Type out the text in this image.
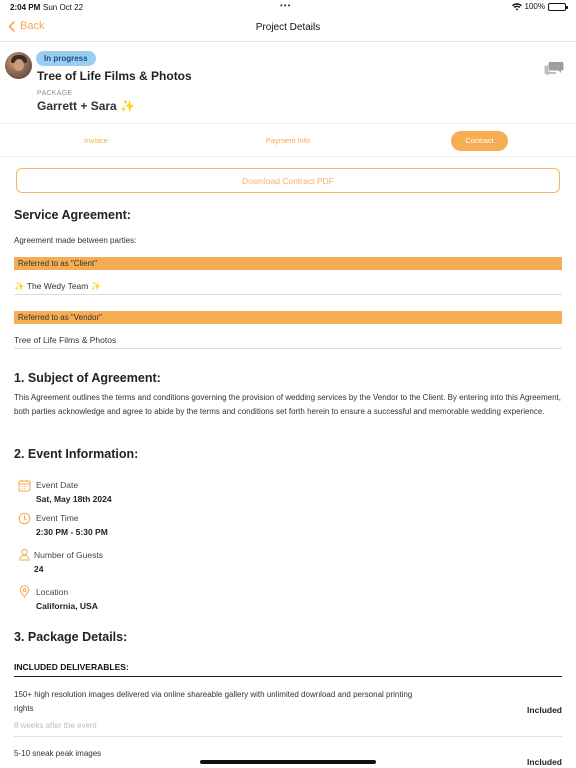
2:04 PM Sun Oct 22	•••	100%
Back	Project Details
In progress
Tree of Life Films & Photos
PACKAGE
Garrett + Sara ✨
Invoice	Payment Info	Contract
Download Contract PDF
Service Agreement:
Agreement made between parties:
Referred to as "Client"
✨ The Wedy Team ✨
Referred to as "Vendor"
Tree of Life Films & Photos
1. Subject of Agreement:
This Agreement outlines the terms and conditions governing the provision of wedding services by the Vendor to the Client. By entering into this Agreement, both parties acknowledge and agree to abide by the terms and conditions set forth herein to ensure a successful and memorable wedding experience.
2. Event Information:
Event Date
Sat, May 18th 2024
Event Time
2:30 PM - 5:30 PM
Number of Guests
24
Location
California, USA
3. Package Details:
INCLUDED DELIVERABLES:
150+ high resolution images delivered via online shareable gallery with unlimited download and personal printing rights
8 weeks after the event
Included
5-10 sneak peak images
Included
